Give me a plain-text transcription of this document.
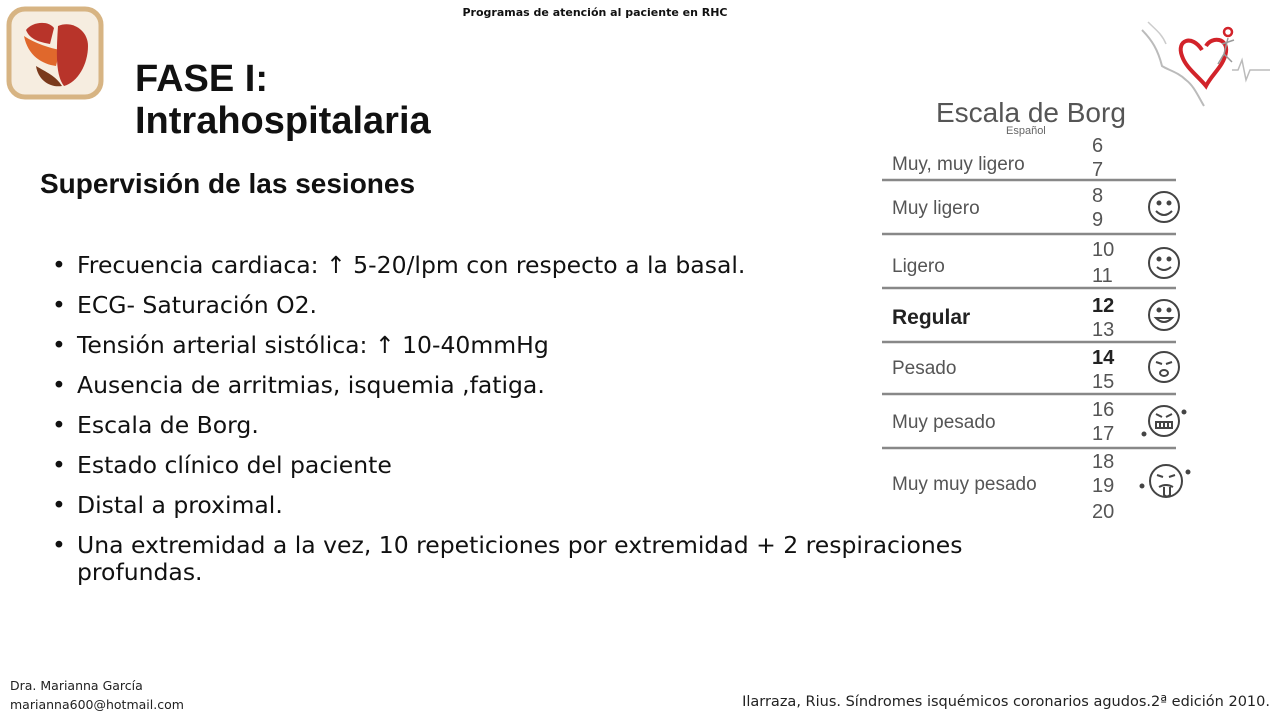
Programas de atención al paciente en RHC
FASE I:
Intrahospitalaria
Supervisión de las sesiones
• Frecuencia cardiaca: ↑ 5-20/lpm con respecto a la basal.
• ECG- Saturación O2.
• Tensión arterial sistólica: ↑ 10-40mmHg
• Ausencia de arritmias, isquemia ,fatiga.
• Escala de Borg.
• Estado clínico del paciente
• Distal a proximal.
• Una extremidad a la vez, 10 repeticiones por extremidad + 2 respiraciones profundas.
Escala de Borg
Español
Muy, muy ligero
Muy ligero
Ligero
Regular
Pesado
Muy pesado
Muy muy pesado
6
7
8
9
10
11
12
13
14
15
16
17
18
19
20
Dra. Marianna García
marianna600@hotmail.com	Ilarraza, Rius. Síndromes isquémicos coronarios agudos.2ª edición 2010.
